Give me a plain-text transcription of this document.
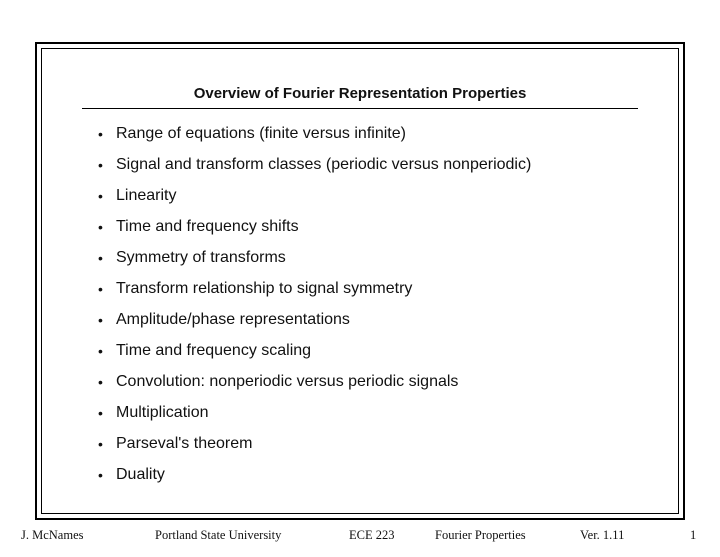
Overview of Fourier Representation Properties
• Range of equations (finite versus infinite)
• Signal and transform classes (periodic versus nonperiodic)
• Linearity
• Time and frequency shifts
• Symmetry of transforms
• Transform relationship to signal symmetry
• Amplitude/phase representations
• Time and frequency scaling
• Convolution: nonperiodic versus periodic signals
• Multiplication
• Parseval's theorem
• Duality
J. McNames	Portland State University	ECE 223	Fourier Properties	Ver. 1.11	1
